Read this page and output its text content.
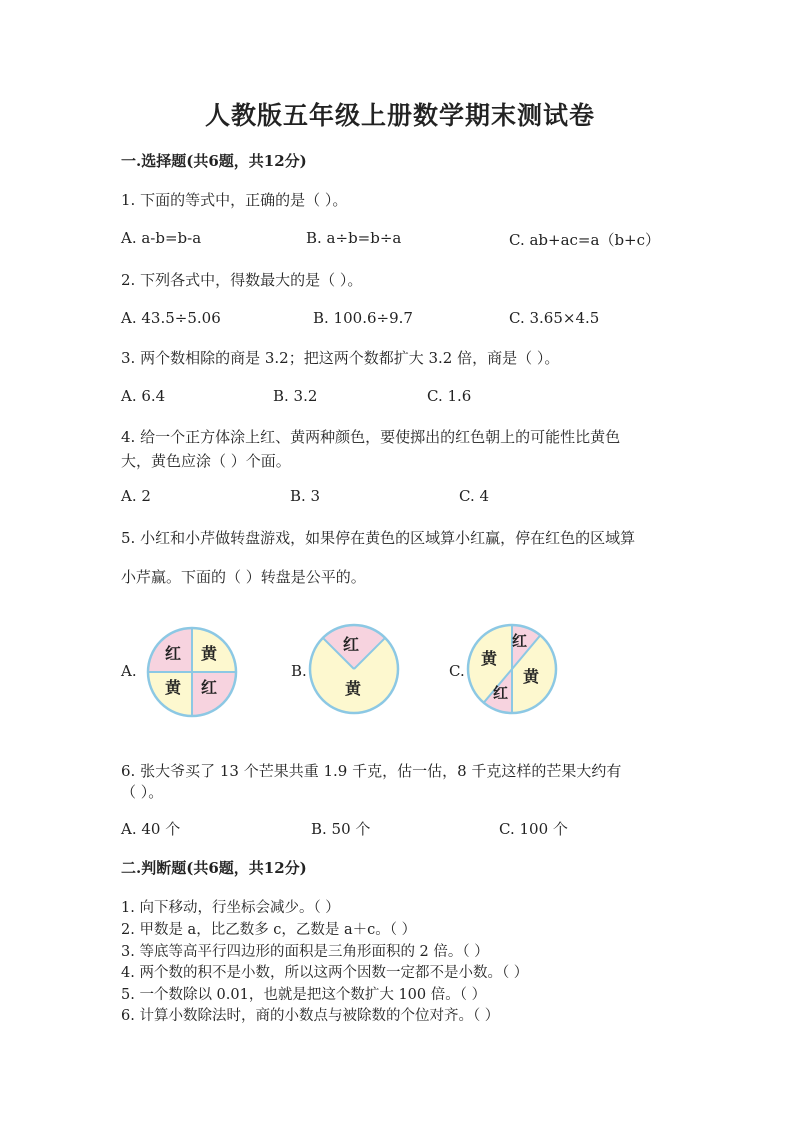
人教版五年级上册数学期末测试卷
一.选择题(共6题，共12分)
1. 下面的等式中，正确的是（ ）。
A. a-b=b-a	B. a÷b=b÷a	C. ab+ac=a（b+c）
2. 下列各式中，得数最大的是（ ）。
A. 43.5÷5.06	B. 100.6÷9.7	C. 3.65×4.5
3. 两个数相除的商是 3.2；把这两个数都扩大 3.2 倍，商是（ ）。
A. 6.4	B. 3.2	C. 1.6
4. 给一个正方体涂上红、黄两种颜色，要使掷出的红色朝上的可能性比黄色
大，黄色应涂（ ）个面。
A. 2	B. 3	C. 4
5. 小红和小芹做转盘游戏，如果停在黄色的区域算小红赢，停在红色的区域算
小芹赢。下面的（ ）转盘是公平的。
A.	B.	C.
红 黄
黄 红
红
黄
红
黄
黄
红
6. 张大爷买了 13 个芒果共重 1.9 千克，估一估，8 千克这样的芒果大约有
（ ）。
A. 40 个	B. 50 个	C. 100 个
二.判断题(共6题，共12分)
1. 向下移动，行坐标会减少。（ ）
2. 甲数是 a，比乙数多 c，乙数是 a＋c。（ ）
3. 等底等高平行四边形的面积是三角形面积的 2 倍。（ ）
4. 两个数的积不是小数，所以这两个因数一定都不是小数。（ ）
5. 一个数除以 0.01，也就是把这个数扩大 100 倍。（ ）
6. 计算小数除法时，商的小数点与被除数的个位对齐。（ ）
